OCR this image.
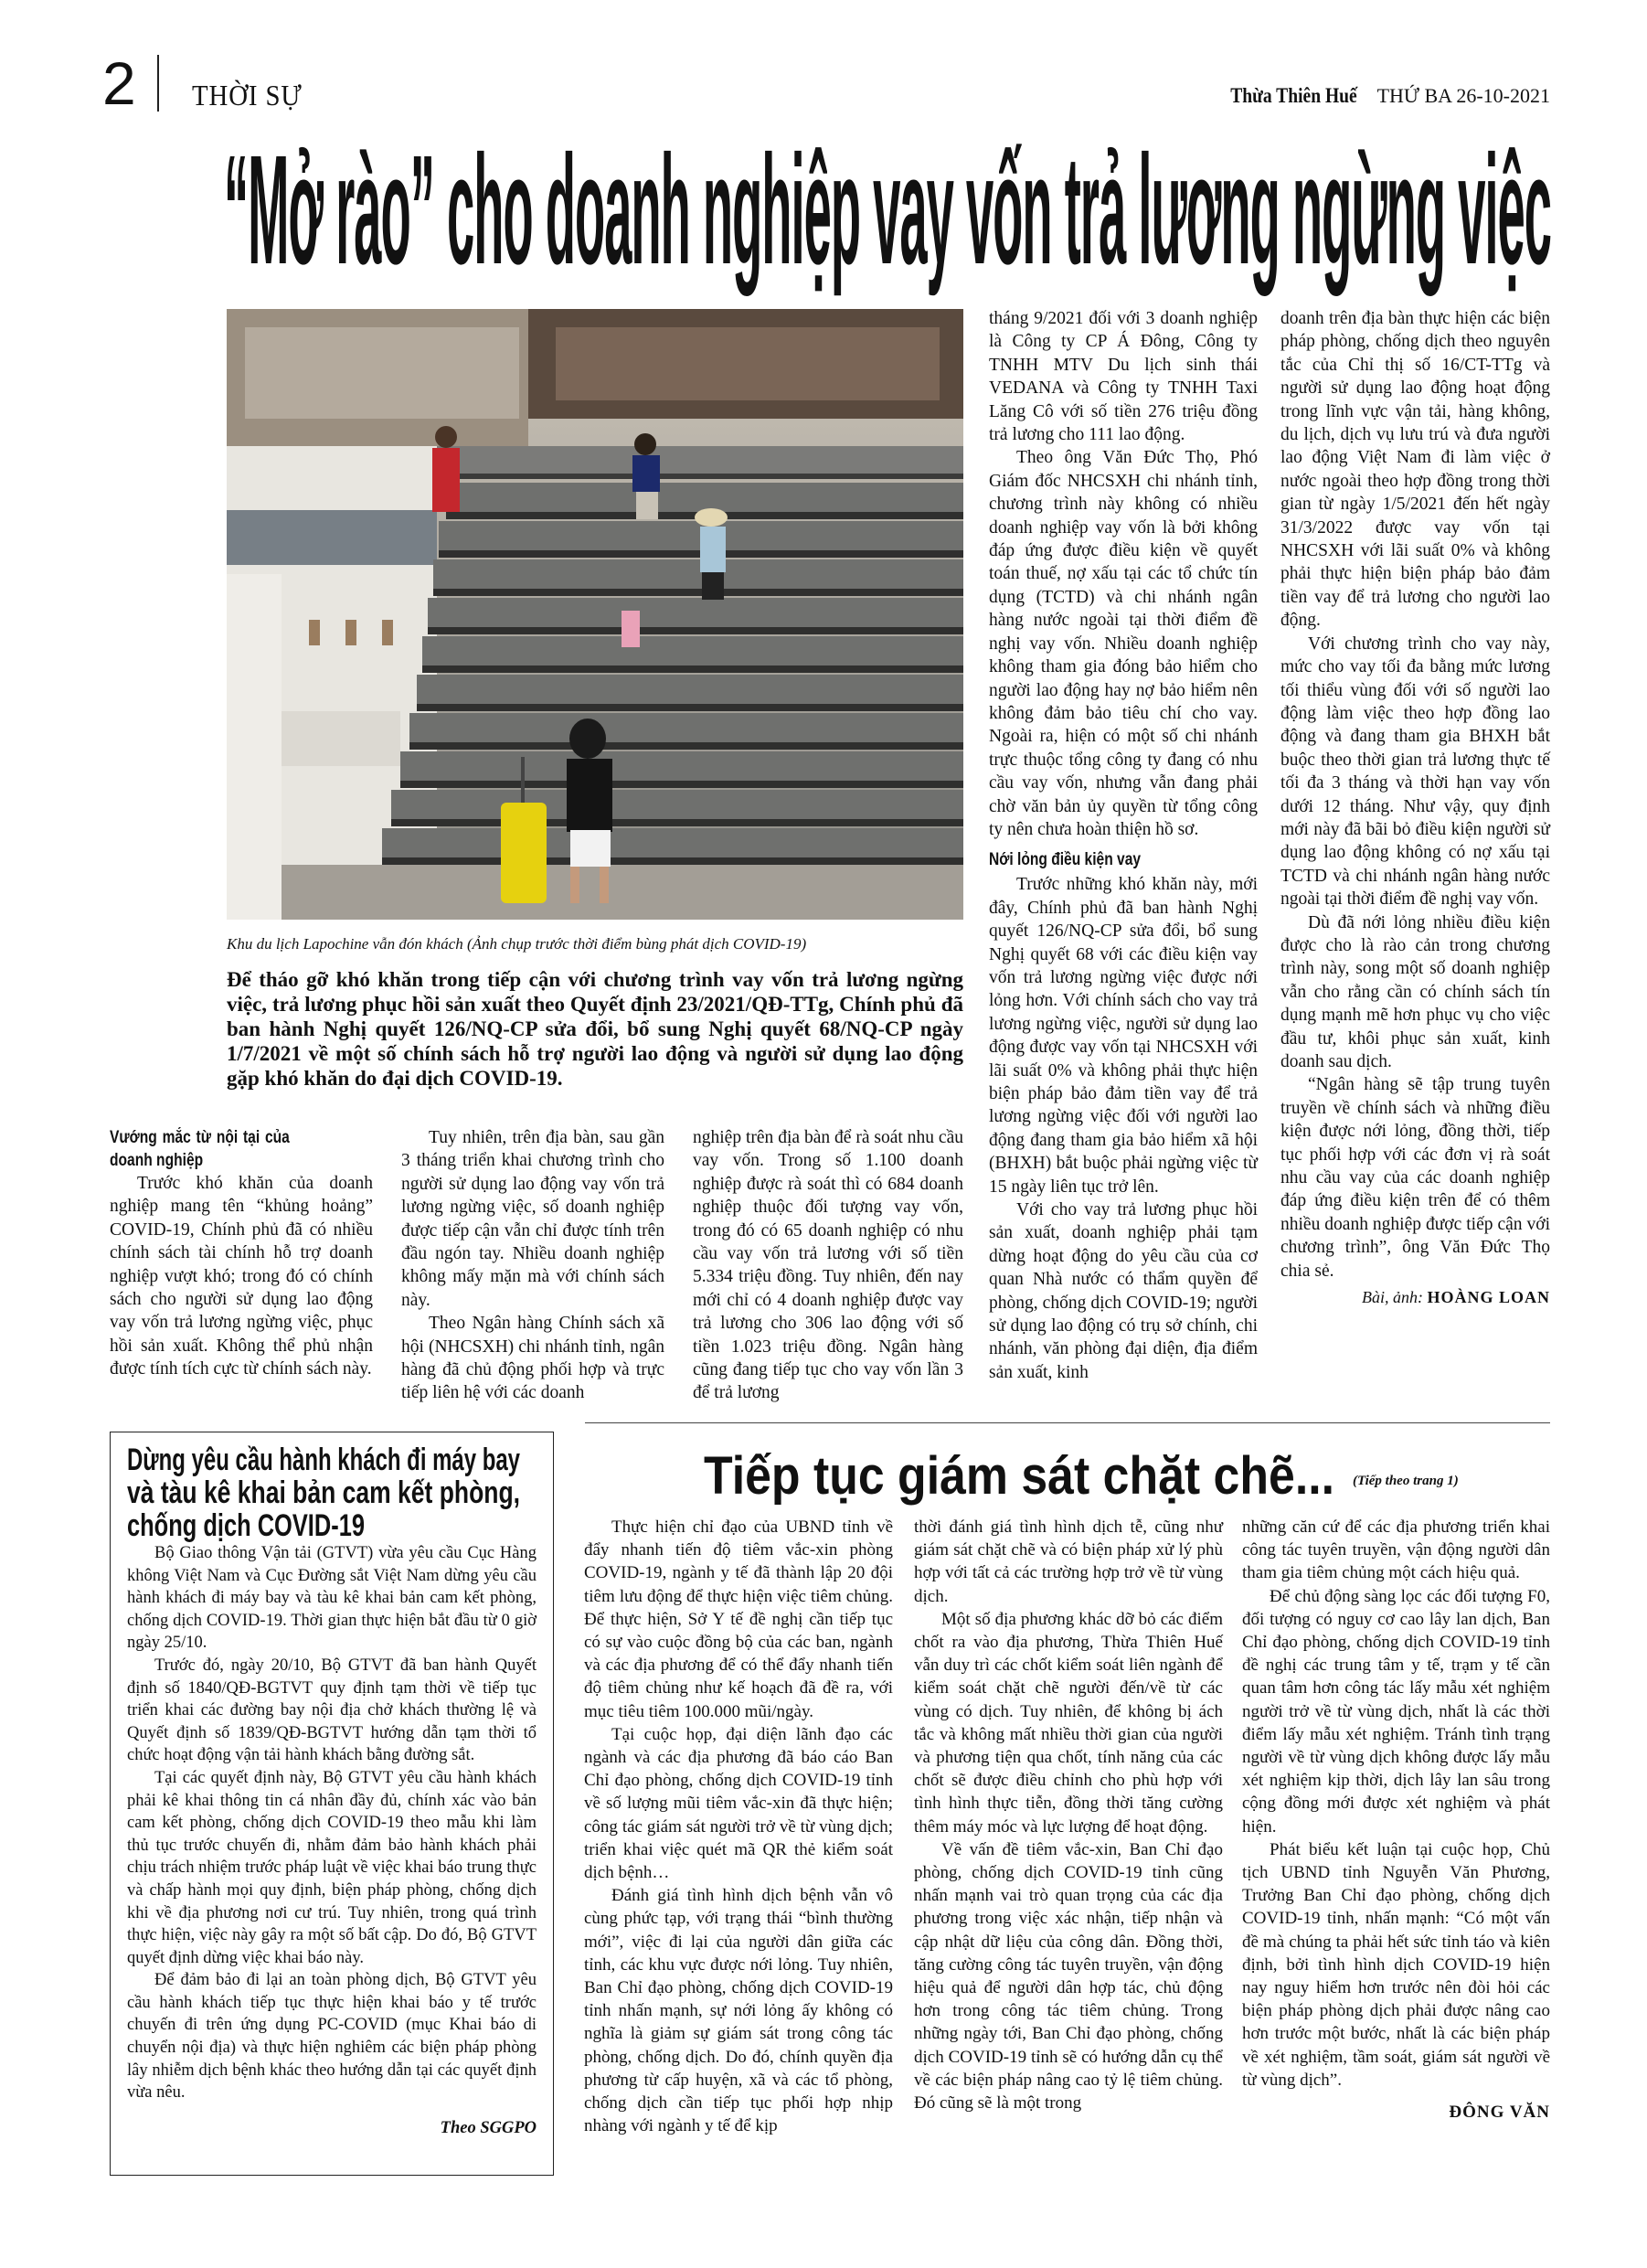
2 THỜI SỰ	Thừa Thiên Huế THỨ BA 26-10-2021
“Mở rào” cho doanh nghiệp vay vốn trả lương ngừng việc
Khu du lịch Lapochine vẫn đón khách (Ảnh chụp trước thời điểm bùng phát dịch COVID-19)
Để tháo gỡ khó khăn trong tiếp cận với chương trình vay vốn trả lương ngừng việc, trả lương phục hồi sản xuất theo Quyết định 23/2021/QĐ-TTg, Chính phủ đã ban hành Nghị quyết 126/NQ-CP sửa đổi, bổ sung Nghị quyết 68/NQ-CP ngày 1/7/2021 về một số chính sách hỗ trợ người lao động và người sử dụng lao động gặp khó khăn do đại dịch COVID-19.
Vướng mắc từ nội tại của doanh nghiệp

Trước khó khăn của doanh nghiệp mang tên “khủng hoảng” COVID-19, Chính phủ đã có nhiều chính sách tài chính hỗ trợ doanh nghiệp vượt khó; trong đó có chính sách cho người sử dụng lao động vay vốn trả lương ngừng việc, phục hồi sản xuất. Không thể phủ nhận được tính tích cực từ chính sách này.

Tuy nhiên, trên địa bàn, sau gần 3 tháng triển khai chương trình cho người sử dụng lao động vay vốn trả lương ngừng việc, số doanh nghiệp được tiếp cận vẫn chỉ được tính trên đầu ngón tay. Nhiều doanh nghiệp không mấy mặn mà với chính sách này.

Theo Ngân hàng Chính sách xã hội (NHCSXH) chi nhánh tỉnh, ngân hàng đã chủ động phối hợp và trực tiếp liên hệ với các doanh

nghiệp trên địa bàn để rà soát nhu cầu vay vốn. Trong số 1.100 doanh nghiệp được rà soát thì có 684 doanh nghiệp thuộc đối tượng vay vốn, trong đó có 65 doanh nghiệp có nhu cầu vay vốn trả lương với số tiền 5.334 triệu đồng. Tuy nhiên, đến nay mới chỉ có 4 doanh nghiệp được vay trả lương cho 306 lao động với số tiền 1.023 triệu đồng. Ngân hàng cũng đang tiếp tục cho vay vốn lần 3 để trả lương

tháng 9/2021 đối với 3 doanh nghiệp là Công ty CP Á Đông, Công ty TNHH MTV Du lịch sinh thái VEDANA và Công ty TNHH Taxi Lăng Cô với số tiền 276 triệu đồng trả lương cho 111 lao động.

Theo ông Văn Đức Thọ, Phó Giám đốc NHCSXH chi nhánh tỉnh, chương trình này không có nhiều doanh nghiệp vay vốn là bởi không đáp ứng được điều kiện về quyết toán thuế, nợ xấu tại các tổ chức tín dụng (TCTD) và chi nhánh ngân hàng nước ngoài tại thời điểm đề nghị vay vốn. Nhiều doanh nghiệp không tham gia đóng bảo hiểm cho người lao động hay nợ bảo hiểm nên không đảm bảo tiêu chí cho vay. Ngoài ra, hiện có một số chi nhánh trực thuộc tổng công ty đang có nhu cầu vay vốn, nhưng vẫn đang phải chờ văn bản ủy quyền từ tổng công ty nên chưa hoàn thiện hồ sơ.

Nới lỏng điều kiện vay

Trước những khó khăn này, mới đây, Chính phủ đã ban hành Nghị quyết 126/NQ-CP sửa đổi, bổ sung Nghị quyết 68 với các điều kiện vay vốn trả lương ngừng việc được nới lỏng hơn. Với chính sách cho vay trả lương ngừng việc, người sử dụng lao động được vay vốn tại NHCSXH với lãi suất 0% và không phải thực hiện biện pháp bảo đảm tiền vay để trả lương ngừng việc đối với người lao động đang tham gia bảo hiểm xã hội (BHXH) bắt buộc phải ngừng việc từ 15 ngày liên tục trở lên.

Với cho vay trả lương phục hồi sản xuất, doanh nghiệp phải tạm dừng hoạt động do yêu cầu của cơ quan Nhà nước có thẩm quyền để phòng, chống dịch COVID-19; người sử dụng lao động có trụ sở chính, chi nhánh, văn phòng đại diện, địa điểm sản xuất, kinh

doanh trên địa bàn thực hiện các biện pháp phòng, chống dịch theo nguyên tắc của Chỉ thị số 16/CT-TTg và người sử dụng lao động hoạt động trong lĩnh vực vận tải, hàng không, du lịch, dịch vụ lưu trú và đưa người lao động Việt Nam đi làm việc ở nước ngoài theo hợp đồng trong thời gian từ ngày 1/5/2021 đến hết ngày 31/3/2022 được vay vốn tại NHCSXH với lãi suất 0% và không phải thực hiện biện pháp bảo đảm tiền vay để trả lương cho người lao động.

Với chương trình cho vay này, mức cho vay tối đa bằng mức lương tối thiểu vùng đối với số người lao động làm việc theo hợp đồng lao động và đang tham gia BHXH bắt buộc theo thời gian trả lương thực tế tối đa 3 tháng và thời hạn vay vốn dưới 12 tháng. Như vậy, quy định mới này đã bãi bỏ điều kiện người sử dụng lao động không có nợ xấu tại TCTD và chi nhánh ngân hàng nước ngoài tại thời điểm đề nghị vay vốn.

Dù đã nới lỏng nhiều điều kiện được cho là rào cản trong chương trình này, song một số doanh nghiệp vẫn cho rằng cần có chính sách tín dụng mạnh mẽ hơn phục vụ cho việc đầu tư, khôi phục sản xuất, kinh doanh sau dịch.

“Ngân hàng sẽ tập trung tuyên truyền về chính sách và những điều kiện được nới lỏng, đồng thời, tiếp tục phối hợp với các đơn vị rà soát nhu cầu vay của các doanh nghiệp đáp ứng điều kiện trên để có thêm nhiều doanh nghiệp được tiếp cận với chương trình”, ông Văn Đức Thọ chia sẻ.

Bài, ảnh: HOÀNG LOAN
Dừng yêu cầu hành khách đi máy bay
và tàu kê khai bản cam kết phòng,
chống dịch COVID-19

Bộ Giao thông Vận tải (GTVT) vừa yêu cầu Cục Hàng không Việt Nam và Cục Đường sắt Việt Nam dừng yêu cầu hành khách đi máy bay và tàu kê khai bản cam kết phòng, chống dịch COVID-19. Thời gian thực hiện bắt đầu từ 0 giờ ngày 25/10.

Trước đó, ngày 20/10, Bộ GTVT đã ban hành Quyết định số 1840/QĐ-BGTVT quy định tạm thời về tiếp tục triển khai các đường bay nội địa chở khách thường lệ và Quyết định số 1839/QĐ-BGTVT hướng dẫn tạm thời tổ chức hoạt động vận tải hành khách bằng đường sắt.

Tại các quyết định này, Bộ GTVT yêu cầu hành khách phải kê khai thông tin cá nhân đầy đủ, chính xác vào bản cam kết phòng, chống dịch COVID-19 theo mẫu khi làm thủ tục trước chuyến đi, nhằm đảm bảo hành khách phải chịu trách nhiệm trước pháp luật về việc khai báo trung thực và chấp hành mọi quy định, biện pháp phòng, chống dịch khi về địa phương nơi cư trú. Tuy nhiên, trong quá trình thực hiện, việc này gây ra một số bất cập. Do đó, Bộ GTVT quyết định dừng việc khai báo này.

Để đảm bảo đi lại an toàn phòng dịch, Bộ GTVT yêu cầu hành khách tiếp tục thực hiện khai báo y tế trước chuyến đi trên ứng dụng PC-COVID (mục Khai báo di chuyển nội địa) và thực hiện nghiêm các biện pháp phòng lây nhiễm dịch bệnh khác theo hướng dẫn tại các quyết định vừa nêu.

Theo SGGPO
Tiếp tục giám sát chặt chẽ...	(Tiếp theo trang 1)

Thực hiện chỉ đạo của UBND tỉnh về đẩy nhanh tiến độ tiêm vắc-xin phòng COVID-19, ngành y tế đã thành lập 20 đội tiêm lưu động để thực hiện việc tiêm chủng. Để thực hiện, Sở Y tế đề nghị cần tiếp tục có sự vào cuộc đồng bộ của các ban, ngành và các địa phương để có thể đẩy nhanh tiến độ tiêm chủng như kế hoạch đã đề ra, với mục tiêu tiêm 100.000 mũi/ngày.

Tại cuộc họp, đại diện lãnh đạo các ngành và các địa phương đã báo cáo Ban Chỉ đạo phòng, chống dịch COVID-19 tỉnh về số lượng mũi tiêm vắc-xin đã thực hiện; công tác giám sát người trở về từ vùng dịch; triển khai việc quét mã QR thẻ kiểm soát dịch bệnh…

Đánh giá tình hình dịch bệnh vẫn vô cùng phức tạp, với trạng thái “bình thường mới”, việc đi lại của người dân giữa các tỉnh, các khu vực được nới lỏng. Tuy nhiên, Ban Chỉ đạo phòng, chống dịch COVID-19 tỉnh nhấn mạnh, sự nới lỏng ấy không có nghĩa là giảm sự giám sát trong công tác phòng, chống dịch. Do đó, chính quyền địa phương từ cấp huyện, xã và các tổ phòng, chống dịch cần tiếp tục phối hợp nhịp nhàng với ngành y tế để kịp

thời đánh giá tình hình dịch tễ, cũng như giám sát chặt chẽ và có biện pháp xử lý phù hợp với tất cả các trường hợp trở về từ vùng dịch.

Một số địa phương khác dỡ bỏ các điểm chốt ra vào địa phương, Thừa Thiên Huế vẫn duy trì các chốt kiểm soát liên ngành để kiểm soát chặt chẽ người đến/về từ các vùng có dịch. Tuy nhiên, để không bị ách tắc và không mất nhiều thời gian của người và phương tiện qua chốt, tính năng của các chốt sẽ được điều chỉnh cho phù hợp với tình hình thực tiễn, đồng thời tăng cường thêm máy móc và lực lượng để hoạt động.

Về vấn đề tiêm vắc-xin, Ban Chỉ đạo phòng, chống dịch COVID-19 tỉnh cũng nhấn mạnh vai trò quan trọng của các địa phương trong việc xác nhận, tiếp nhận và cập nhật dữ liệu của công dân. Đồng thời, tăng cường công tác tuyên truyền, vận động hiệu quả để người dân hợp tác, chủ động hơn trong công tác tiêm chủng. Trong những ngày tới, Ban Chỉ đạo phòng, chống dịch COVID-19 tỉnh sẽ có hướng dẫn cụ thể về các biện pháp nâng cao tỷ lệ tiêm chủng. Đó cũng sẽ là một trong

những căn cứ để các địa phương triển khai công tác tuyên truyền, vận động người dân tham gia tiêm chủng một cách hiệu quả.

Để chủ động sàng lọc các đối tượng F0, đối tượng có nguy cơ cao lây lan dịch, Ban Chỉ đạo phòng, chống dịch COVID-19 tỉnh đề nghị các trung tâm y tế, trạm y tế cần quan tâm hơn công tác lấy mẫu xét nghiệm người trở về từ vùng dịch, nhất là các thời điểm lấy mẫu xét nghiệm. Tránh tình trạng người về từ vùng dịch không được lấy mẫu xét nghiệm kịp thời, dịch lây lan sâu trong cộng đồng mới được xét nghiệm và phát hiện.

Phát biểu kết luận tại cuộc họp, Chủ tịch UBND tỉnh Nguyễn Văn Phương, Trưởng Ban Chỉ đạo phòng, chống dịch COVID-19 tỉnh, nhấn mạnh: “Có một vấn đề mà chúng ta phải hết sức tỉnh táo và kiên định, bởi tình hình dịch COVID-19 hiện nay nguy hiểm hơn trước nên đòi hỏi các biện pháp phòng dịch phải được nâng cao hơn trước một bước, nhất là các biện pháp về xét nghiệm, tầm soát, giám sát người về từ vùng dịch”.

ĐÔNG VĂN
